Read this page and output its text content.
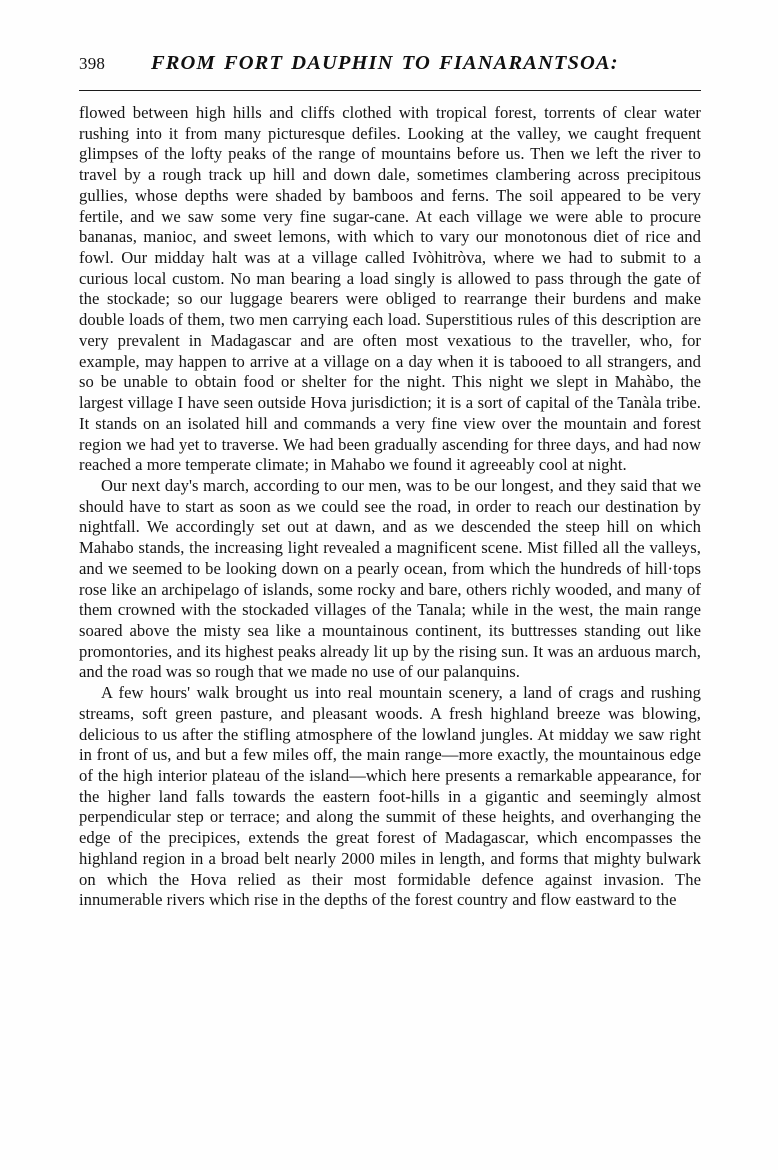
398	FROM FORT DAUPHIN TO FIANARANTSOA:

flowed between high hills and cliffs clothed with tropical forest, torrents of clear water rushing into it from many picturesque defiles. Looking at the valley, we caught frequent glimpses of the lofty peaks of the range of mountains before us. Then we left the river to travel by a rough track up hill and down dale, sometimes clambering across precipitous gullies, whose depths were shaded by bamboos and ferns. The soil appeared to be very fertile, and we saw some very fine sugar-cane. At each village we were able to procure bananas, manioc, and sweet lemons, with which to vary our monotonous diet of rice and fowl. Our midday halt was at a village called Ivòhitròva, where we had to submit to a curious local custom. No man bearing a load singly is allowed to pass through the gate of the stockade; so our luggage bearers were obliged to rearrange their burdens and make double loads of them, two men carrying each load. Superstitious rules of this description are very prevalent in Madagascar and are often most vexatious to the traveller, who, for example, may happen to arrive at a village on a day when it is tabooed to all strangers, and so be unable to obtain food or shelter for the night. This night we slept in Mahàbo, the largest village I have seen outside Hova jurisdiction; it is a sort of capital of the Tanàla tribe. It stands on an isolated hill and commands a very fine view over the mountain and forest region we had yet to traverse. We had been gradually ascending for three days, and had now reached a more temperate climate; in Mahabo we found it agreeably cool at night.

Our next day's march, according to our men, was to be our longest, and they said that we should have to start as soon as we could see the road, in order to reach our destination by nightfall. We accordingly set out at dawn, and as we descended the steep hill on which Mahabo stands, the increasing light revealed a magnificent scene. Mist filled all the valleys, and we seemed to be looking down on a pearly ocean, from which the hundreds of hill·tops rose like an archipelago of islands, some rocky and bare, others richly wooded, and many of them crowned with the stockaded villages of the Tanala; while in the west, the main range soared above the misty sea like a mountainous continent, its buttresses standing out like promontories, and its highest peaks already lit up by the rising sun. It was an arduous march, and the road was so rough that we made no use of our palanquins.

A few hours' walk brought us into real mountain scenery, a land of crags and rushing streams, soft green pasture, and pleasant woods. A fresh highland breeze was blowing, delicious to us after the stifling atmosphere of the lowland jungles. At midday we saw right in front of us, and but a few miles off, the main range—more exactly, the mountainous edge of the high interior plateau of the island—which here presents a remarkable appearance, for the higher land falls towards the eastern foot-hills in a gigantic and seemingly almost perpendicular step or terrace; and along the summit of these heights, and overhanging the edge of the precipices, extends the great forest of Madagascar, which encompasses the highland region in a broad belt nearly 2000 miles in length, and forms that mighty bulwark on which the Hova relied as their most formidable defence against invasion. The innumerable rivers which rise in the depths of the forest country and flow eastward to the
